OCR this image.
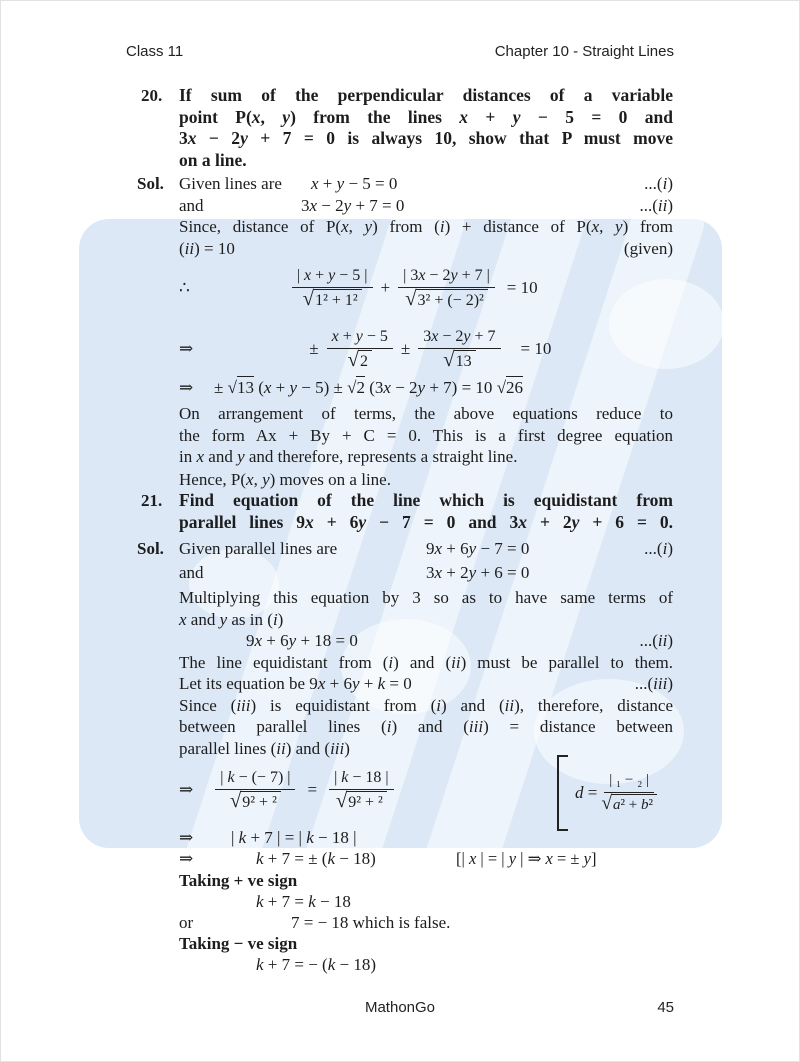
Class 11	Chapter 10 - Straight Lines
20. If sum of the perpendicular distances of a variable
point P(x, y) from the lines x + y − 5 = 0 and
3x − 2y + 7 = 0 is always 10, show that P must move
on a line.
Sol. Given lines are x + y − 5 = 0	...(i)
and	3x − 2y + 7 = 0	...(ii)
Since, distance of P(x, y) from (i) + distance of P(x, y) from
(ii) = 10	(given)
∴	$\frac{| x + y - 5 |}{\text{√ 1² + 1²}} + \frac{| 3x - 2y + 7 |}{\text{√ 3² + (− 2)²}} = 10$
⇒	± $\frac{x + y - 5}{√ 2} \pm \frac{3x - 2y + 7}{√ 13} = 10$
⇒ ± √13 (x + y − 5) ± √2 (3x − 2y + 7) = 10 √26
On arrangement of terms, the above equations reduce to
the form Ax + By + C = 0. This is a first degree equation
in x and y and therefore, represents a straight line.
Hence, P(x, y) moves on a line.
21. Find equation of the line which is equidistant from
parallel lines 9x + 6y − 7 = 0 and 3x + 2y + 6 = 0.
Sol. Given parallel lines are	9x + 6y − 7 = 0	...(i)
and	3x + 2y + 6 = 0
Multiplying this equation by 3 so as to have same terms of
x and y as in (i)
9x + 6y + 18 = 0	...(ii)
The line equidistant from (i) and (ii) must be parallel to them.
Let its equation be 9x + 6y + k = 0	...(iii)
Since (iii) is equidistant from (i) and (ii), therefore, distance
between parallel lines (i) and (iii) = distance between
parallel lines (ii) and (iii)
⇒ $\frac{| k - (- 7) |}{\text{√ 9² + ²}} = \frac{| k - 18 |}{\text{√ 9² + ²}}$	$d = \frac{\text{| ₁ − ₂ |}}{\text{√ a² + b²}}$
⇒ | k + 7 | = | k − 18 |
⇒	k + 7 = ± (k − 18)	[| x | = | y | ⇒ x = ± y]
Taking + ve sign
k + 7 = k − 18
or	7 = − 18 which is false.
Taking − ve sign
k + 7 = − (k − 18)
MathonGo	45
